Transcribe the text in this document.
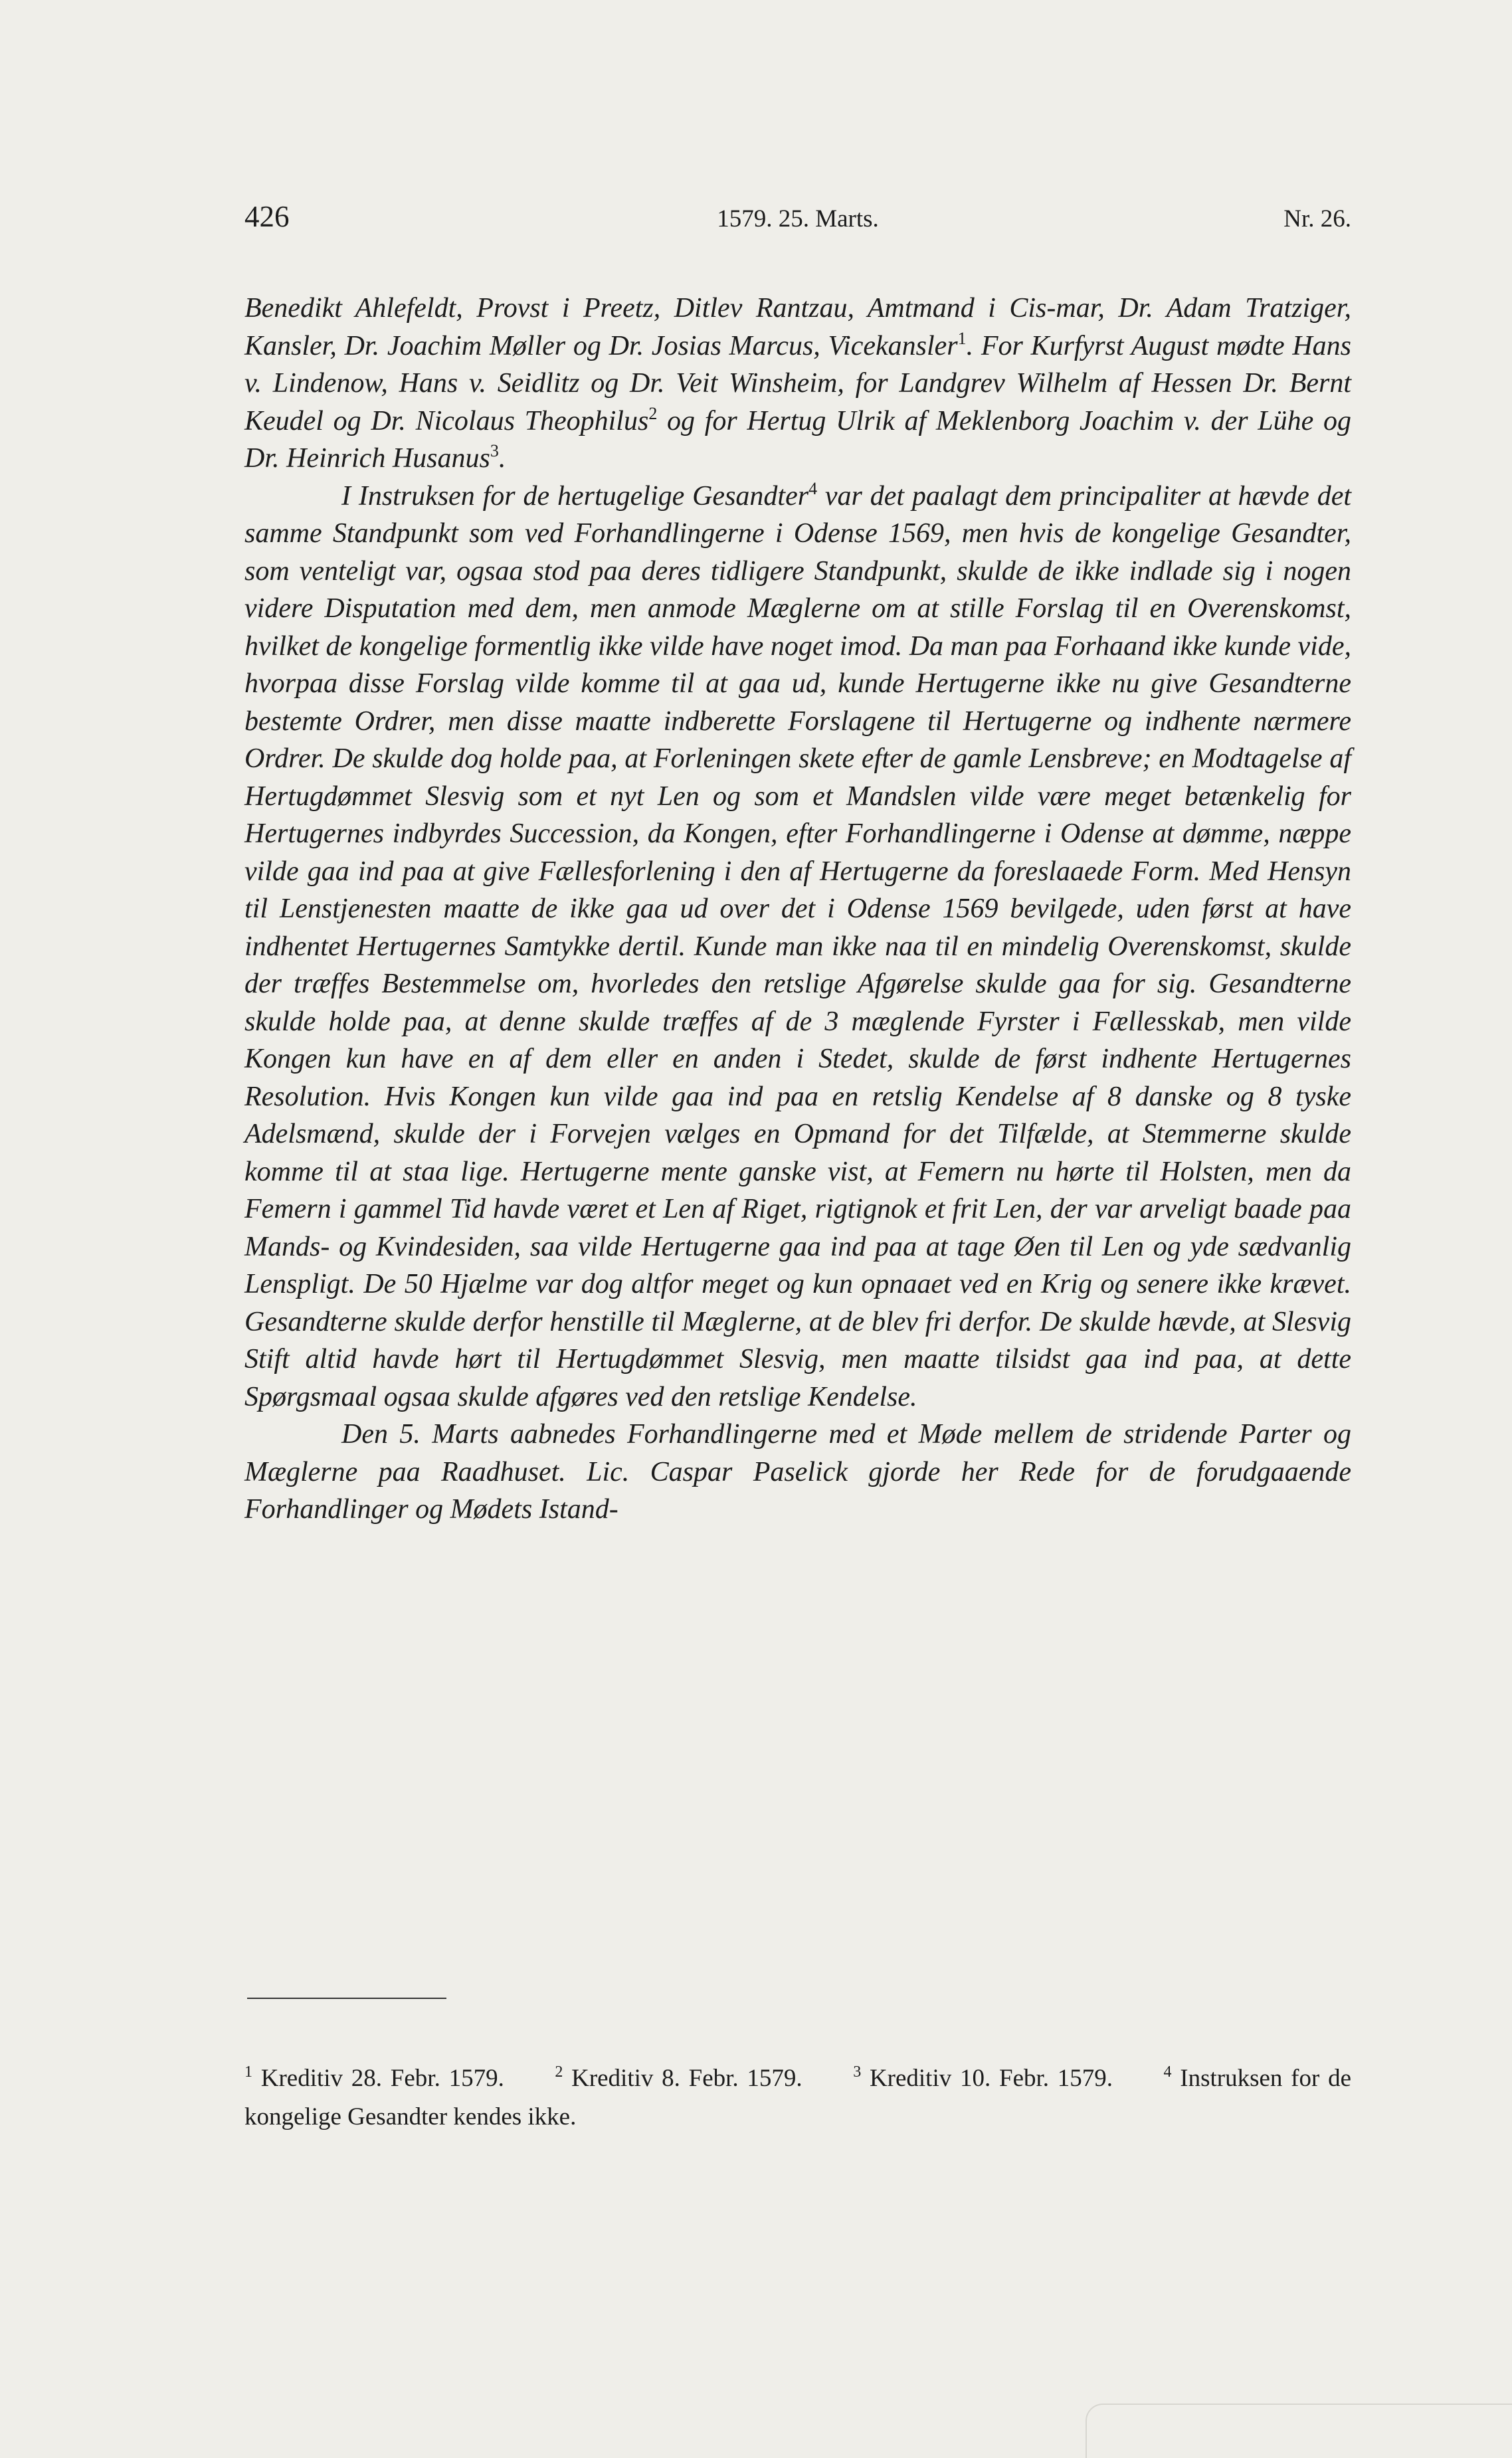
426	1579. 25. Marts.	Nr. 26.

Benedikt Ahlefeldt, Provst i Preetz, Ditlev Rantzau, Amtmand i Cis-mar, Dr. Adam Tratziger, Kansler, Dr. Joachim Møller og Dr. Josias Marcus, Vicekansler$^1$. For Kurfyrst August mødte Hans v. Lindenow, Hans v. Seidlitz og Dr. Veit Winsheim, for Landgrev Wilhelm af Hessen Dr. Bernt Keudel og Dr. Nicolaus Theophilus$^2$ og for Hertug Ulrik af Meklenborg Joachim v. der Lühe og Dr. Heinrich Husanus$^3$.

I Instruksen for de hertugelige Gesandter$^4$ var det paalagt dem principaliter at hævde det samme Standpunkt som ved Forhandlingerne i Odense 1569, men hvis de kongelige Gesandter, som venteligt var, ogsaa stod paa deres tidligere Standpunkt, skulde de ikke indlade sig i nogen videre Disputation med dem, men anmode Mæglerne om at stille Forslag til en Overenskomst, hvilket de kongelige formentlig ikke vilde have noget imod. Da man paa Forhaand ikke kunde vide, hvorpaa disse Forslag vilde komme til at gaa ud, kunde Hertugerne ikke nu give Gesandterne bestemte Ordrer, men disse maatte indberette Forslagene til Hertugerne og indhente nærmere Ordrer. De skulde dog holde paa, at Forleningen skete efter de gamle Lensbreve; en Modtagelse af Hertugdømmet Slesvig som et nyt Len og som et Mandslen vilde være meget betænkelig for Hertugernes indbyrdes Succession, da Kongen, efter Forhandlingerne i Odense at dømme, næppe vilde gaa ind paa at give Fællesforlening i den af Hertugerne da foreslaaede Form. Med Hensyn til Lenstjenesten maatte de ikke gaa ud over det i Odense 1569 bevilgede, uden først at have indhentet Hertugernes Samtykke dertil. Kunde man ikke naa til en mindelig Overenskomst, skulde der træffes Bestemmelse om, hvorledes den retslige Afgørelse skulde gaa for sig. Gesandterne skulde holde paa, at denne skulde træffes af de 3 mæglende Fyrster i Fællesskab, men vilde Kongen kun have en af dem eller en anden i Stedet, skulde de først indhente Hertugernes Resolution. Hvis Kongen kun vilde gaa ind paa en retslig Kendelse af 8 danske og 8 tyske Adelsmænd, skulde der i Forvejen vælges en Opmand for det Tilfælde, at Stemmerne skulde komme til at staa lige. Hertugerne mente ganske vist, at Femern nu hørte til Holsten, men da Femern i gammel Tid havde været et Len af Riget, rigtignok et frit Len, der var arveligt baade paa Mands- og Kvindesiden, saa vilde Hertugerne gaa ind paa at tage Øen til Len og yde sædvanlig Lenspligt. De 50 Hjælme var dog altfor meget og kun opnaaet ved en Krig og senere ikke krævet. Gesandterne skulde derfor henstille til Mæglerne, at de blev fri derfor. De skulde hævde, at Slesvig Stift altid havde hørt til Hertugdømmet Slesvig, men maatte tilsidst gaa ind paa, at dette Spørgsmaal ogsaa skulde afgøres ved den retslige Kendelse.

Den 5. Marts aabnedes Forhandlingerne med et Møde mellem de stridende Parter og Mæglerne paa Raadhuset. Lic. Caspar Paselick gjorde her Rede for de forudgaaende Forhandlinger og Mødets Istand-

$^1$ Kreditiv 28. Febr. 1579.	$^2$ Kreditiv 8. Febr. 1579.	$^3$ Kreditiv 10. Febr. 1579.	$^4$ Instruksen for de kongelige Gesandter kendes ikke.
